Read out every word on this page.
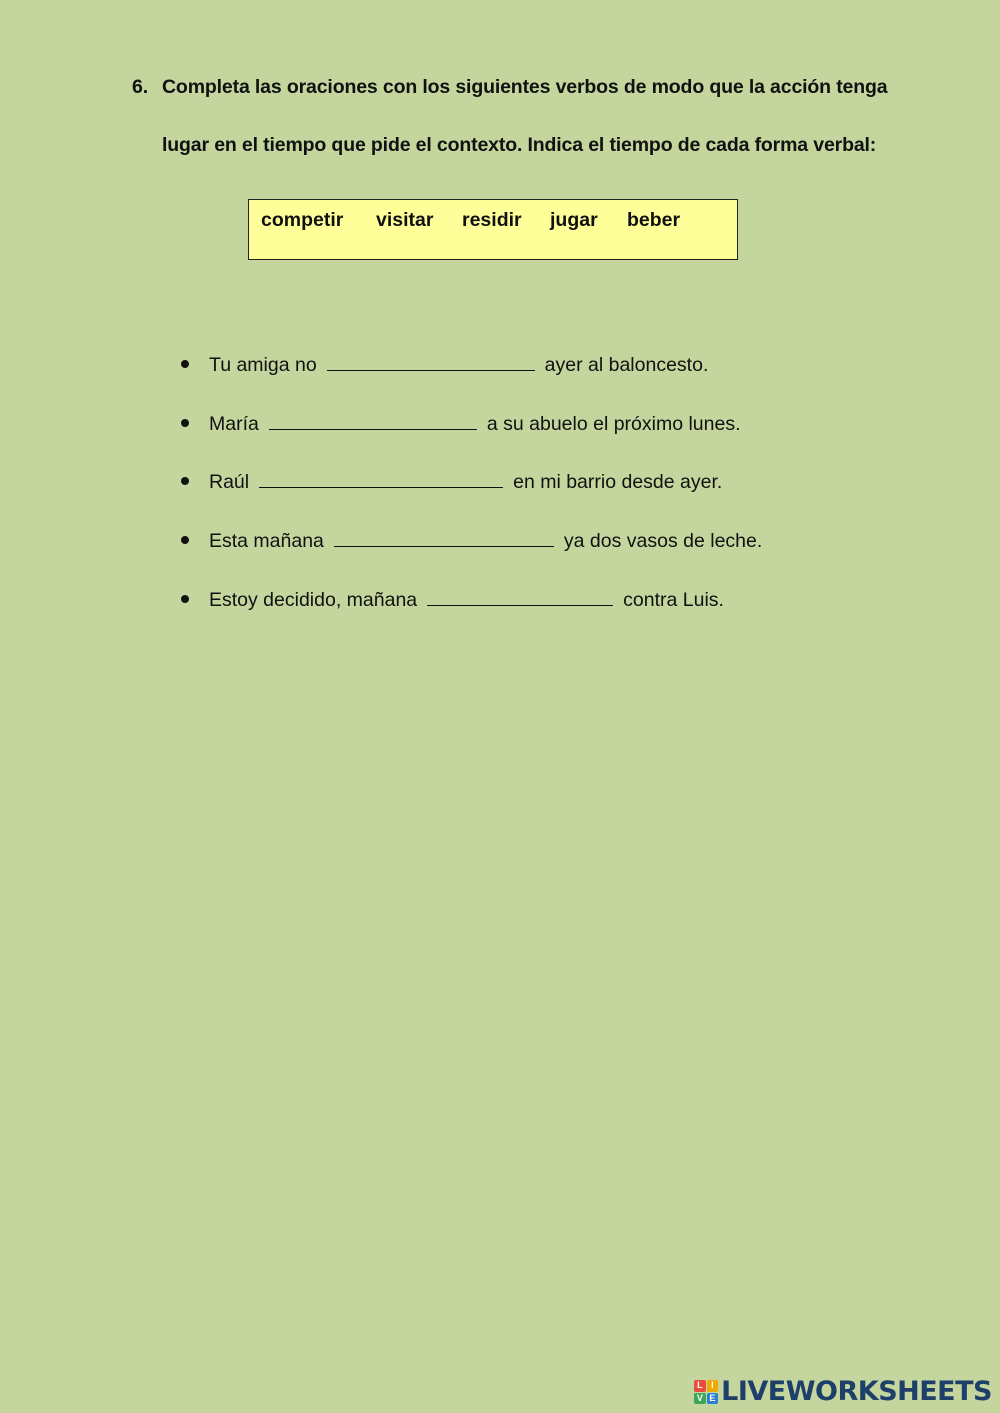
6. Completa las oraciones con los siguientes verbos de modo que la acción tenga
lugar en el tiempo que pide el contexto. Indica el tiempo de cada forma verbal:
competir visitar residir jugar beber
Tu amiga no	ayer al baloncesto.
María	a su abuelo el próximo lunes.
Raúl	en mi barrio desde ayer.
Esta mañana	ya dos vasos de leche.
Estoy decidido, mañana	contra Luis.
L I
V E LIVEWORKSHEETS
